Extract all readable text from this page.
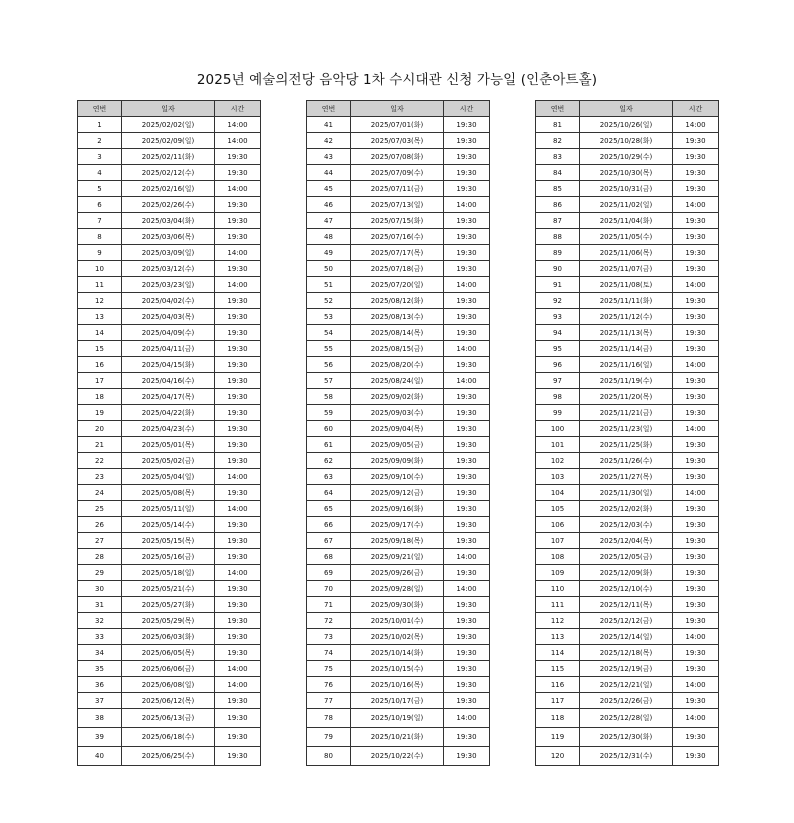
2025년 예술의전당 음악당 1차 수시대관 신청 가능일 (인춘아트홀)
연번	일자	시간
1	2025/02/02(일)	14:00
2	2025/02/09(일)	14:00
3	2025/02/11(화)	19:30
4	2025/02/12(수)	19:30
5	2025/02/16(일)	14:00
6	2025/02/26(수)	19:30
7	2025/03/04(화)	19:30
8	2025/03/06(목)	19:30
9	2025/03/09(일)	14:00
10	2025/03/12(수)	19:30
11	2025/03/23(일)	14:00
12	2025/04/02(수)	19:30
13	2025/04/03(목)	19:30
14	2025/04/09(수)	19:30
15	2025/04/11(금)	19:30
16	2025/04/15(화)	19:30
17	2025/04/16(수)	19:30
18	2025/04/17(목)	19:30
19	2025/04/22(화)	19:30
20	2025/04/23(수)	19:30
21	2025/05/01(목)	19:30
22	2025/05/02(금)	19:30
23	2025/05/04(일)	14:00
24	2025/05/08(목)	19:30
25	2025/05/11(일)	14:00
26	2025/05/14(수)	19:30
27	2025/05/15(목)	19:30
28	2025/05/16(금)	19:30
29	2025/05/18(일)	14:00
30	2025/05/21(수)	19:30
31	2025/05/27(화)	19:30
32	2025/05/29(목)	19:30
33	2025/06/03(화)	19:30
34	2025/06/05(목)	19:30
35	2025/06/06(금)	14:00
36	2025/06/08(일)	14:00
37	2025/06/12(목)	19:30
38	2025/06/13(금)	19:30
39	2025/06/18(수)	19:30
40	2025/06/25(수)	19:30
연번	일자	시간
41	2025/07/01(화)	19:30
42	2025/07/03(목)	19:30
43	2025/07/08(화)	19:30
44	2025/07/09(수)	19:30
45	2025/07/11(금)	19:30
46	2025/07/13(일)	14:00
47	2025/07/15(화)	19:30
48	2025/07/16(수)	19:30
49	2025/07/17(목)	19:30
50	2025/07/18(금)	19:30
51	2025/07/20(일)	14:00
52	2025/08/12(화)	19:30
53	2025/08/13(수)	19:30
54	2025/08/14(목)	19:30
55	2025/08/15(금)	14:00
56	2025/08/20(수)	19:30
57	2025/08/24(일)	14:00
58	2025/09/02(화)	19:30
59	2025/09/03(수)	19:30
60	2025/09/04(목)	19:30
61	2025/09/05(금)	19:30
62	2025/09/09(화)	19:30
63	2025/09/10(수)	19:30
64	2025/09/12(금)	19:30
65	2025/09/16(화)	19:30
66	2025/09/17(수)	19:30
67	2025/09/18(목)	19:30
68	2025/09/21(일)	14:00
69	2025/09/26(금)	19:30
70	2025/09/28(일)	14:00
71	2025/09/30(화)	19:30
72	2025/10/01(수)	19:30
73	2025/10/02(목)	19:30
74	2025/10/14(화)	19:30
75	2025/10/15(수)	19:30
76	2025/10/16(목)	19:30
77	2025/10/17(금)	19:30
78	2025/10/19(일)	14:00
79	2025/10/21(화)	19:30
80	2025/10/22(수)	19:30
연번	일자	시간
81	2025/10/26(일)	14:00
82	2025/10/28(화)	19:30
83	2025/10/29(수)	19:30
84	2025/10/30(목)	19:30
85	2025/10/31(금)	19:30
86	2025/11/02(일)	14:00
87	2025/11/04(화)	19:30
88	2025/11/05(수)	19:30
89	2025/11/06(목)	19:30
90	2025/11/07(금)	19:30
91	2025/11/08(토)	14:00
92	2025/11/11(화)	19:30
93	2025/11/12(수)	19:30
94	2025/11/13(목)	19:30
95	2025/11/14(금)	19:30
96	2025/11/16(일)	14:00
97	2025/11/19(수)	19:30
98	2025/11/20(목)	19:30
99	2025/11/21(금)	19:30
100	2025/11/23(일)	14:00
101	2025/11/25(화)	19:30
102	2025/11/26(수)	19:30
103	2025/11/27(목)	19:30
104	2025/11/30(일)	14:00
105	2025/12/02(화)	19:30
106	2025/12/03(수)	19:30
107	2025/12/04(목)	19:30
108	2025/12/05(금)	19:30
109	2025/12/09(화)	19:30
110	2025/12/10(수)	19:30
111	2025/12/11(목)	19:30
112	2025/12/12(금)	19:30
113	2025/12/14(일)	14:00
114	2025/12/18(목)	19:30
115	2025/12/19(금)	19:30
116	2025/12/21(일)	14:00
117	2025/12/26(금)	19:30
118	2025/12/28(일)	14:00
119	2025/12/30(화)	19:30
120	2025/12/31(수)	19:30
